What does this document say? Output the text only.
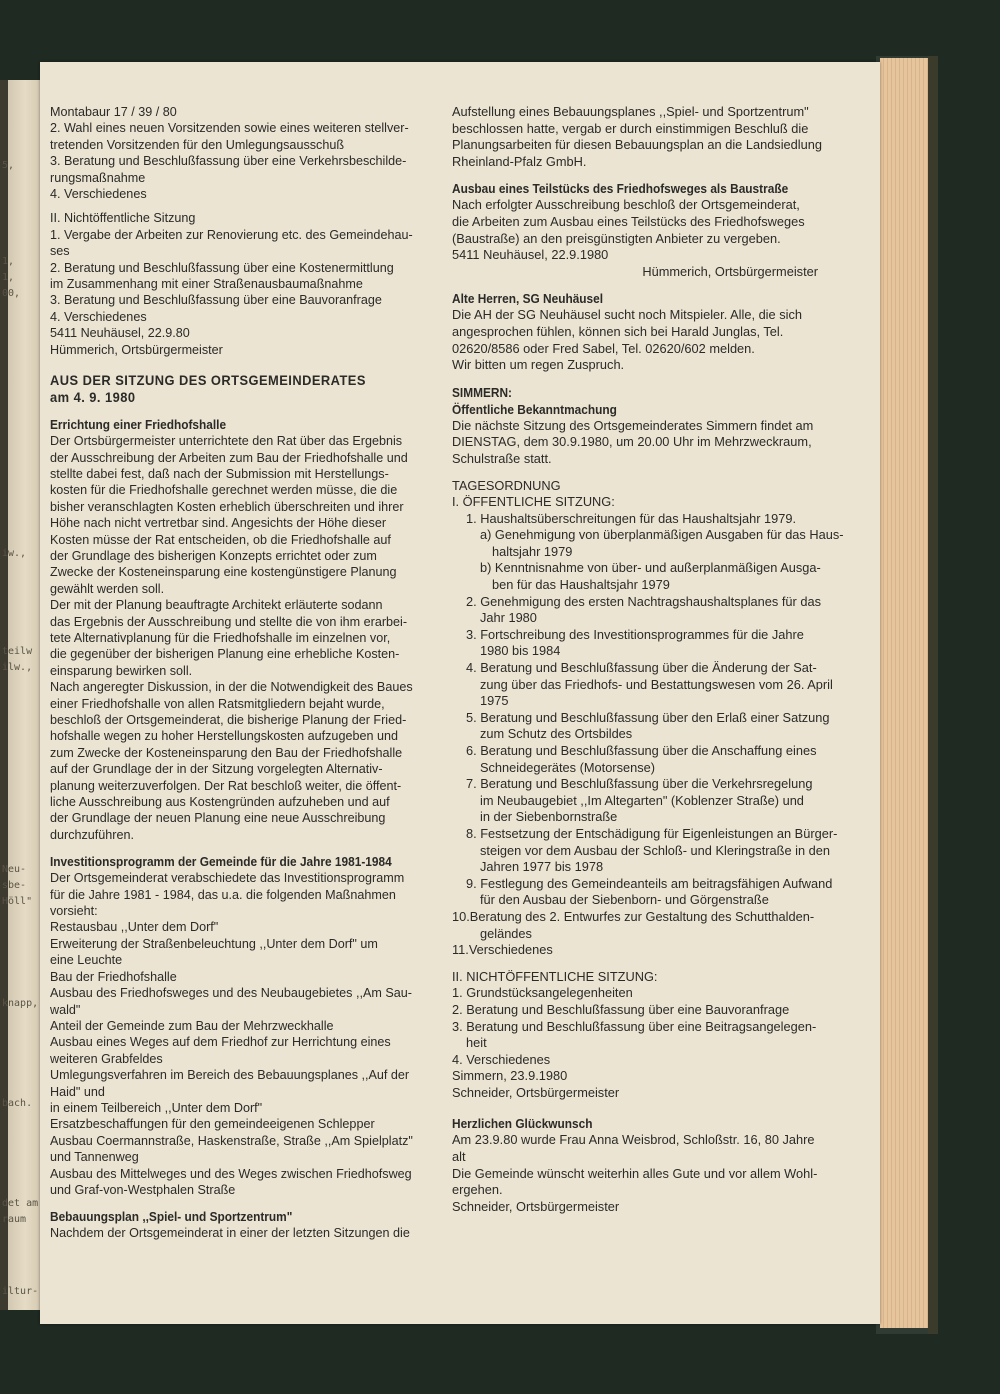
5,
1,
1,
00,
iw.,
teilw
ilw.,
Neu-
sbe-
Höll"
knapp,
bach.
det am
raum
iltur-
Montabaur 17 / 39 / 80
2. Wahl eines neuen Vorsitzenden sowie eines weiteren stellver-
tretenden Vorsitzenden für den Umlegungsausschuß
3. Beratung und Beschlußfassung über eine Verkehrsbeschilde-
rungsmaßnahme
4. Verschiedenes
II. Nichtöffentliche Sitzung
1. Vergabe der Arbeiten zur Renovierung etc. des Gemeindehau-
ses
2. Beratung und Beschlußfassung über eine Kostenermittlung
im Zusammenhang mit einer Straßenausbaumaßnahme
3. Beratung und Beschlußfassung über eine Bauvoranfrage
4. Verschiedenes
5411 Neuhäusel, 22.9.80
Hümmerich, Ortsbürgermeister
AUS DER SITZUNG DES ORTSGEMEINDERATES
am 4. 9. 1980
Errichtung einer Friedhofshalle
Der Ortsbürgermeister unterrichtete den Rat über das Ergebnis
der Ausschreibung der Arbeiten zum Bau der Friedhofshalle und
stellte dabei fest, daß nach der Submission mit Herstellungs-
kosten für die Friedhofshalle gerechnet werden müsse, die die
bisher veranschlagten Kosten erheblich überschreiten und ihrer
Höhe nach nicht vertretbar sind. Angesichts der Höhe dieser
Kosten müsse der Rat entscheiden, ob die Friedhofshalle auf
der Grundlage des bisherigen Konzepts errichtet oder zum
Zwecke der Kosteneinsparung eine kostengünstigere Planung
gewählt werden soll.
Der mit der Planung beauftragte Architekt erläuterte sodann
das Ergebnis der Ausschreibung und stellte die von ihm erarbei-
tete Alternativplanung für die Friedhofshalle im einzelnen vor,
die gegenüber der bisherigen Planung eine erhebliche Kosten-
einsparung bewirken soll.
Nach angeregter Diskussion, in der die Notwendigkeit des Baues
einer Friedhofshalle von allen Ratsmitgliedern bejaht wurde,
beschloß der Ortsgemeinderat, die bisherige Planung der Fried-
hofshalle wegen zu hoher Herstellungskosten aufzugeben und
zum Zwecke der Kosteneinsparung den Bau der Friedhofshalle
auf der Grundlage der in der Sitzung vorgelegten Alternativ-
planung weiterzuverfolgen. Der Rat beschloß weiter, die öffent-
liche Ausschreibung aus Kostengründen aufzuheben und auf
der Grundlage der neuen Planung eine neue Ausschreibung
durchzuführen.
Investitionsprogramm der Gemeinde für die Jahre 1981-1984
Der Ortsgemeinderat verabschiedete das Investitionsprogramm
für die Jahre 1981 - 1984, das u.a. die folgenden Maßnahmen
vorsieht:
Restausbau ,,Unter dem Dorf"
Erweiterung der Straßenbeleuchtung ,,Unter dem Dorf" um
eine Leuchte
Bau der Friedhofshalle
Ausbau des Friedhofsweges und des Neubaugebietes ,,Am Sau-
wald"
Anteil der Gemeinde zum Bau der Mehrzweckhalle
Ausbau eines Weges auf dem Friedhof zur Herrichtung eines
weiteren Grabfeldes
Umlegungsverfahren im Bereich des Bebauungsplanes ,,Auf der
Haid" und
in einem Teilbereich ,,Unter dem Dorf"
Ersatzbeschaffungen für den gemeindeeigenen Schlepper
Ausbau Coermannstraße, Haskenstraße, Straße ,,Am Spielplatz"
und Tannenweg
Ausbau des Mittelweges und des Weges zwischen Friedhofsweg
und Graf-von-Westphalen Straße
Bebauungsplan ,,Spiel- und Sportzentrum"
Nachdem der Ortsgemeinderat in einer der letzten Sitzungen die
Aufstellung eines Bebauungsplanes ,,Spiel- und Sportzentrum"
beschlossen hatte, vergab er durch einstimmigen Beschluß die
Planungsarbeiten für diesen Bebauungsplan an die Landsiedlung
Rheinland-Pfalz GmbH.
Ausbau eines Teilstücks des Friedhofsweges als Baustraße
Nach erfolgter Ausschreibung beschloß der Ortsgemeinderat,
die Arbeiten zum Ausbau eines Teilstücks des Friedhofsweges
(Baustraße) an den preisgünstigten Anbieter zu vergeben.
5411 Neuhäusel, 22.9.1980
Hümmerich, Ortsbürgermeister
Alte Herren, SG Neuhäusel
Die AH der SG Neuhäusel sucht noch Mitspieler. Alle, die sich
angesprochen fühlen, können sich bei Harald Junglas, Tel.
02620/8586 oder Fred Sabel, Tel. 02620/602 melden.
Wir bitten um regen Zuspruch.
SIMMERN:
Öffentliche Bekanntmachung
Die nächste Sitzung des Ortsgemeinderates Simmern findet am
DIENSTAG, dem 30.9.1980, um 20.00 Uhr im Mehrzweckraum,
Schulstraße statt.
TAGESORDNUNG
I. ÖFFENTLICHE SITZUNG:
1. Haushaltsüberschreitungen für das Haushaltsjahr 1979.
a) Genehmigung von überplanmäßigen Ausgaben für das Haus-
haltsjahr 1979
b) Kenntnisnahme von über- und außerplanmäßigen Ausga-
ben für das Haushaltsjahr 1979
2. Genehmigung des ersten Nachtragshaushaltsplanes für das
Jahr 1980
3. Fortschreibung des Investitionsprogrammes für die Jahre
1980 bis 1984
4. Beratung und Beschlußfassung über die Änderung der Sat-
zung über das Friedhofs- und Bestattungswesen vom 26. April
1975
5. Beratung und Beschlußfassung über den Erlaß einer Satzung
zum Schutz des Ortsbildes
6. Beratung und Beschlußfassung über die Anschaffung eines
Schneidegerätes (Motorsense)
7. Beratung und Beschlußfassung über die Verkehrsregelung
im Neubaugebiet ,,Im Altegarten" (Koblenzer Straße) und
in der Siebenbornstraße
8. Festsetzung der Entschädigung für Eigenleistungen an Bürger-
steigen vor dem Ausbau der Schloß- und Kleringstraße in den
Jahren 1977 bis 1978
9. Festlegung des Gemeindeanteils am beitragsfähigen Aufwand
für den Ausbau der Siebenborn- und Görgenstraße
10.Beratung des 2. Entwurfes zur Gestaltung des Schutthalden-
geländes
11.Verschiedenes
II. NICHTÖFFENTLICHE SITZUNG:
1. Grundstücksangelegenheiten
2. Beratung und Beschlußfassung über eine Bauvoranfrage
3. Beratung und Beschlußfassung über eine Beitragsangelegen-
heit
4. Verschiedenes
Simmern, 23.9.1980
Schneider, Ortsbürgermeister
Herzlichen Glückwunsch
Am 23.9.80 wurde Frau Anna Weisbrod, Schloßstr. 16, 80 Jahre
alt
Die Gemeinde wünscht weiterhin alles Gute und vor allem Wohl-
ergehen.
Schneider, Ortsbürgermeister
